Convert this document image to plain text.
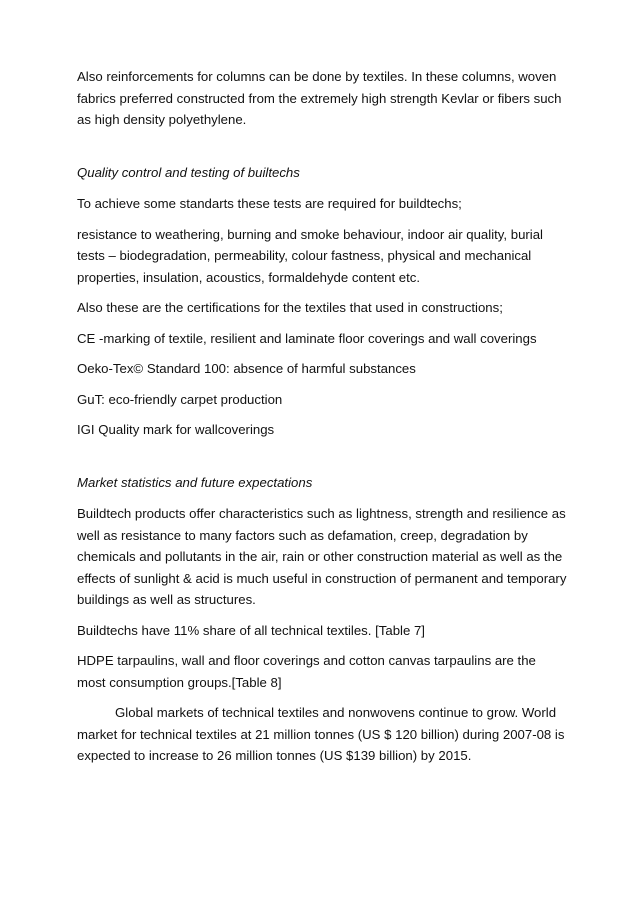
Also reinforcements for columns can be done by textiles. In these columns, woven fabrics preferred constructed from the extremely high strength Kevlar or fibers such as high density polyethylene.

Quality control and testing of builtechs

To achieve some standarts these tests are required for buildtechs;

resistance to weathering, burning and smoke behaviour, indoor air quality, burial tests – biodegradation, permeability, colour fastness, physical and mechanical properties, insulation, acoustics, formaldehyde content etc.

Also these are the certifications for the textiles that used in constructions;

CE -marking of textile, resilient and laminate floor coverings and wall coverings

Oeko-Tex© Standard 100: absence of harmful substances

GuT: eco-friendly carpet production

IGI Quality mark for wallcoverings

Market statistics and future expectations

Buildtech products offer characteristics such as lightness, strength and resilience as well as resistance to many factors such as defamation, creep, degradation by chemicals and pollutants in the air, rain or other construction material as well as the effects of sunlight & acid is much useful in construction of permanent and temporary buildings as well as structures.

Buildtechs have 11% share of all technical textiles. [Table 7]

HDPE tarpaulins, wall and floor coverings and cotton canvas tarpaulins are the most consumption groups.[Table 8]

Global markets of technical textiles and nonwovens continue to grow. World market for technical textiles at 21 million tonnes (US $ 120 billion) during 2007-08 is expected to increase to 26 million tonnes (US $139 billion) by 2015.
